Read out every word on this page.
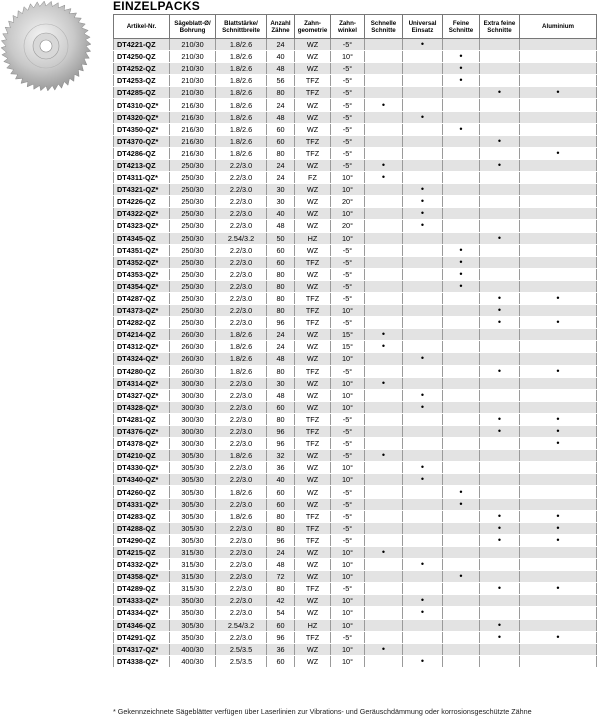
EINZELPACKS
Artikel-Nr.	Sägeblatt-Ø/ Bohrung	Blattstärke/ Schnittbreite	Anzahl Zähne	Zahn-geometrie	Zahn-winkel	Schnelle Schnitte	Universal Einsatz	Feine Schnitte	Extra feine Schnitte	Aluminium
DT4221-QZ	210/30	1.8/2.6	24	WZ	-5°		•			
DT4250-QZ	210/30	1.8/2.6	40	WZ	10°			•		
DT4252-QZ	210/30	1.8/2.6	48	WZ	-5°			•		
DT4253-QZ	210/30	1.8/2.6	56	TFZ	-5°			•		
DT4285-QZ	210/30	1.8/2.6	80	TFZ	-5°				•	•
DT4310-QZ*	216/30	1.8/2.6	24	WZ	-5°	•				
DT4320-QZ*	216/30	1.8/2.6	48	WZ	-5°		•			
DT4350-QZ*	216/30	1.8/2.6	60	WZ	-5°			•		
DT4370-QZ*	216/30	1.8/2.6	60	TFZ	-5°				•	
DT4286-QZ	216/30	1.8/2.6	80	TFZ	-5°					•
DT4213-QZ	250/30	2.2/3.0	24	WZ	-5°	•			•	
DT4311-QZ*	250/30	2.2/3.0	24	FZ	10°	•				
DT4321-QZ*	250/30	2.2/3.0	30	WZ	10°		•			
DT4226-QZ	250/30	2.2/3.0	30	WZ	20°		•			
DT4322-QZ*	250/30	2.2/3.0	40	WZ	10°		•			
DT4323-QZ*	250/30	2.2/3.0	48	WZ	20°		•			
DT4345-QZ	250/30	2.54/3.2	50	HZ	10°				•	
DT4351-QZ*	250/30	2.2/3.0	60	WZ	-5°			•		
DT4352-QZ*	250/30	2.2/3.0	60	TFZ	-5°			•		
DT4353-QZ*	250/30	2.2/3.0	80	WZ	-5°			•		
DT4354-QZ*	250/30	2.2/3.0	80	WZ	-5°			•		
DT4287-QZ	250/30	2.2/3.0	80	TFZ	-5°				•	•
DT4373-QZ*	250/30	2.2/3.0	80	TFZ	10°				•	
DT4282-QZ	250/30	2.2/3.0	96	TFZ	-5°				•	•
DT4214-QZ	260/30	1.8/2.6	24	WZ	15°	•				
DT4312-QZ*	260/30	1.8/2.6	24	WZ	15°	•				
DT4324-QZ*	260/30	1.8/2.6	48	WZ	10°		•			
DT4280-QZ	260/30	1.8/2.6	80	TFZ	-5°				•	•
DT4314-QZ*	300/30	2.2/3.0	30	WZ	10°	•				
DT4327-QZ*	300/30	2.2/3.0	48	WZ	10°		•			
DT4328-QZ*	300/30	2.2/3.0	60	WZ	10°		•			
DT4281-QZ	300/30	2.2/3.0	80	TFZ	-5°				•	•
DT4376-QZ*	300/30	2.2/3.0	96	TFZ	-5°				•	•
DT4378-QZ*	300/30	2.2/3.0	96	TFZ	-5°					•
DT4210-QZ	305/30	1.8/2.6	32	WZ	-5°	•				
DT4330-QZ*	305/30	2.2/3.0	36	WZ	10°		•			
DT4340-QZ*	305/30	2.2/3.0	40	WZ	10°		•			
DT4260-QZ	305/30	1.8/2.6	60	WZ	-5°			•		
DT4331-QZ*	305/30	2.2/3.0	60	WZ	-5°			•		
DT4283-QZ	305/30	1.8/2.6	80	TFZ	-5°				•	•
DT4288-QZ	305/30	2.2/3.0	80	TFZ	-5°				•	•
DT4290-QZ	305/30	2.2/3.0	96	TFZ	-5°				•	•
DT4215-QZ	315/30	2.2/3.0	24	WZ	10°	•				
DT4332-QZ*	315/30	2.2/3.0	48	WZ	10°		•			
DT4358-QZ*	315/30	2.2/3.0	72	WZ	10°			•		
DT4289-QZ	315/30	2.2/3.0	80	TFZ	-5°				•	•
DT4333-QZ*	350/30	2.2/3.0	42	WZ	10°		•			
DT4334-QZ*	350/30	2.2/3.0	54	WZ	10°		•			
DT4346-QZ	305/30	2.54/3.2	60	HZ	10°				•	
DT4291-QZ	350/30	2.2/3.0	96	TFZ	-5°				•	•
DT4317-QZ*	400/30	2.5/3.5	36	WZ	10°	•				
DT4338-QZ*	400/30	2.5/3.5	60	WZ	10°		•			
* Gekennzeichnete Sägeblätter verfügen über Laserlinien zur Vibrations- und Geräuschdämmung oder korrosionsgeschützte Zähne
